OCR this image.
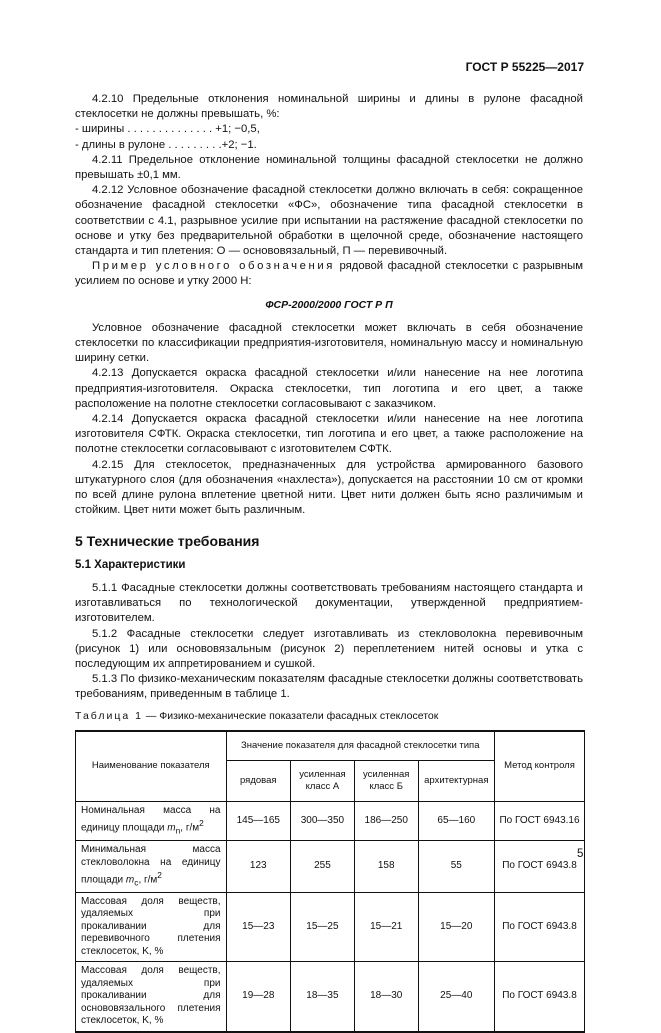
ГОСТ Р 55225—2017

4.2.10 Предельные отклонения номинальной ширины и длины в рулоне фасадной стеклосетки не должны превышать, %:

- ширины . . . . . . . . . . . . . . +1; −0,5,

- длины в рулоне . . . . . . . . .+2; −1.

4.2.11 Предельное отклонение номинальной толщины фасадной стеклосетки не должно превышать ±0,1 мм.

4.2.12 Условное обозначение фасадной стеклосетки должно включать в себя: сокращенное обозначение фасадной стеклосетки «ФС», обозначение типа фасадной стеклосетки в соответствии с 4.1, разрывное усилие при испытании на растяжение фасадной стеклосетки по основе и утку без предварительной обработки в щелочной среде, обозначение настоящего стандарта и тип плетения: О — основовязальный, П — перевивочный.

Пример условного обозначения рядовой фасадной стеклосетки с разрывным усилием по основе и утку 2000 Н:

ФСР-2000/2000 ГОСТ Р П

Условное обозначение фасадной стеклосетки может включать в себя обозначение стеклосетки по классификации предприятия-изготовителя, номинальную массу и номинальную ширину сетки.

4.2.13 Допускается окраска фасадной стеклосетки и/или нанесение на нее логотипа предприятия-изготовителя. Окраска стеклосетки, тип логотипа и его цвет, а также расположение на полотне стеклосетки согласовывают с заказчиком.

4.2.14 Допускается окраска фасадной стеклосетки и/или нанесение на нее логотипа изготовителя СФТК. Окраска стеклосетки, тип логотипа и его цвет, а также расположение на полотне стеклосетки согласовывают с изготовителем СФТК.

4.2.15 Для стеклосеток, предназначенных для устройства армированного базового штукатурного слоя (для обозначения «нахлеста»), допускается на расстоянии 10 см от кромки по всей длине рулона вплетение цветной нити. Цвет нити должен быть ясно различимым и стойким. Цвет нити может быть различным.

5 Технические требования
5.1 Характеристики

5.1.1 Фасадные стеклосетки должны соответствовать требованиям настоящего стандарта и изготавливаться по технологической документации, утвержденной предприятием-изготовителем.

5.1.2 Фасадные стеклосетки следует изготавливать из стекловолокна перевивочным (рисунок 1) или основовязальным (рисунок 2) переплетением нитей основы и утка с последующим их аппретированием и сушкой.

5.1.3 По физико-механическим показателям фасадные стеклосетки должны соответствовать требованиям, приведенным в таблице 1.

Таблица 1 — Физико-механические показатели фасадных стеклосеток

Наименование показателя	Значение показателя для фасадной стеклосетки типа				Метод контроля
	рядовая	усиленная класс А	усиленная класс Б	архитектурная	
Номинальная масса на единицу площади $m_n$, $г/м^2$	145—165	300—350	186—250	65—160	По ГОСТ 6943.16
Минимальная масса стекловолокна на единицу площади $m_c$, $г/м^2$	123	255	158	55	По ГОСТ 6943.8
Массовая доля веществ, удаляемых при прокаливании для перевивочного плетения стеклосеток, K, %	15—23	15—25	15—21	15—20	По ГОСТ 6943.8
Массовая доля веществ, удаляемых при прокаливании для основовязального плетения стеклосеток, K, %	19—28	18—35	18—30	25—40	По ГОСТ 6943.8
5
